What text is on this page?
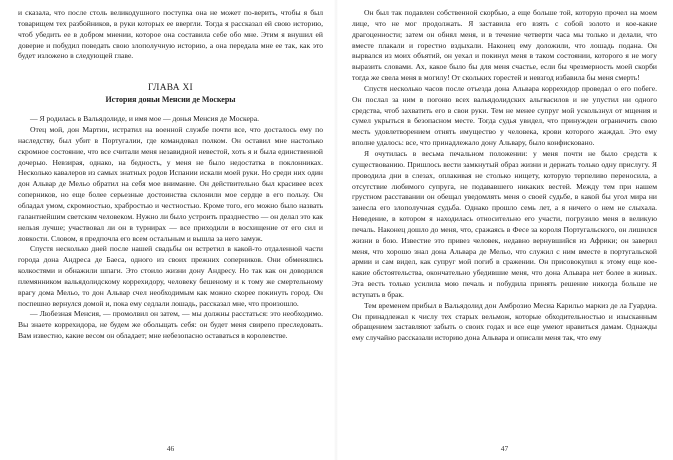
и сказала, что после столь великодушного поступка она не может по-верить, чтобы я был товарищем тех разбойников, в руки которых ее ввергли. Тогда я рассказал ей свою историю, чтоб убедить ее в добром мнении, которое она составила себе обо мне. Этим я внушил ей доверие и побудил поведать свою злополучную историю, а она передала мне ее так, как это будет изложено в следующей главе.

ГЛАВА XI
История доньи Менсии де Москеры

— Я родилась в Вальядолиде, и имя мое — донья Менсия де Москера.

Отец мой, дон Мартин, истратил на военной службе почти все, что досталось ему по наследству, был убит в Португалии, где командовал полком. Он оставил мне настолько скромное состояние, что все считали меня незавидной невестой, хоть я и была единственной дочерью. Невзирая, однако, на бедность, у меня не было недостатка в поклонниках. Несколько кавалеров из самых знатных родов Испании искали моей руки. Но среди них один дон Альвар де Мельо обратил на себя мое внимание. Он действительно был красивее всех соперников, но еще более серьезные достоинства склонили мое сердце в его пользу. Он обладал умом, скромностью, храбростью и честностью. Кроме того, его можно было назвать галантнейшим светским человеком. Нужно ли было устроить празднество — он делал это как нельзя лучше; участвовал ли он в турнирах — все приходили в восхищение от его сил и ловкости. Словом, я предпочла его всем остальным и вышла за него замуж.

Спустя несколько дней после нашей свадьбы он встретил в какой-то отдаленной части города дона Андреса де Баеса, одного из своих прежних соперников. Они обменялись колкостями и обнажили шпаги. Это стоило жизни дону Андресу. Но так как он доводился племянником вальядолидскому коррехидору, человеку бешеному и к тому же смертельному врагу дома Мельо, то дон Альвар счел необходимым как можно скорее покинуть город. Он поспешно вернулся домой и, пока ему седлали лошадь, рассказал мне, что произошло.

— Любезная Менсия, — промолвил он затем, — мы должны расстаться: это необходимо. Вы знаете коррехидора, не будем же обольщать себя: он будет меня свирепо преследовать. Вам известно, какие весом он обладает; мне небезопасно оставаться в королевстве.

46

Он был так подавлен собственной скорбью, а еще больше той, которую прочел на моем лице, что не мог продолжать. Я заставила его взять с собой золото и кое-какие драгоценности; затем он обнял меня, и в течение четверти часа мы только и делали, что вместе плакали и горестно вздыхали. Наконец ему доложили, что лошадь подана. Он вырвался из моих объятий, он уехал и покинул меня в таком состоянии, которого я не могу выразить словами. Ах, какое было бы для меня счастье, если бы чрезмерность моей скорби тогда же свела меня в могилу! От скольких горестей и невзгод избавила бы меня смерть!

Спустя несколько часов после отъезда дона Альвара коррехидор проведал о его побеге. Он послал за ним в погоню всех вальядолидских альгвасилов и не упустил ни одного средства, чтоб захватить его в свои руки. Тем не менее супруг мой ускользнул от мщения и сумел укрыться в безопасном месте. Тогда судья увидел, что принужден ограничить свою месть удовлетворением отнять имущество у человека, крови которого жаждал. Это ему вполне удалось: все, что принадлежало дону Альвару, было конфисковано.

Я очутилась в весьма печальном положении: у меня почти не было средств к существованию. Пришлось вести замкнутый образ жизни и держать только одну прислугу. Я проводила дни в слезах, оплакивая не столько нищету, которую терпеливо переносила, а отсутствие любимого супруга, не подававшего никаких вестей. Между тем при нашем грустном расставании он обещал уведомлять меня о своей судьбе, в какой бы угол мира ни занесла его злополучная судьба. Однако прошло семь лет, а я ничего о нем не слыхала. Неведение, в котором я находилась относительно его участи, погрузило меня в великую печаль. Наконец дошло до меня, что, сражаясь в Фесе за короля Португальского, он лишился жизни в бою. Известие это привез человек, недавно вернувшийся из Африки; он заверил меня, что хорошо знал дона Альвара де Мельо, что служил с ним вместе в португальской армии и сам видел, как супруг мой погиб в сражении. Он присовокупил к этому еще кое-какие обстоятельства, окончательно убедившие меня, что дона Альвара нет более в живых. Эта весть только усилила мою печаль и побудила принять решение никогда больше не вступать в брак.

Тем временем прибыл в Вальядолид дон Амброзио Месиа Карильо маркиз де ла Гуардиа. Он принадлежал к числу тех старых вельмож, которые обходительностью и изысканным обращением заставляют забыть о своих годах и все еще умеют нравиться дамам. Однажды ему случайно рассказали историю дона Альвара и описали меня так, что ему

47
